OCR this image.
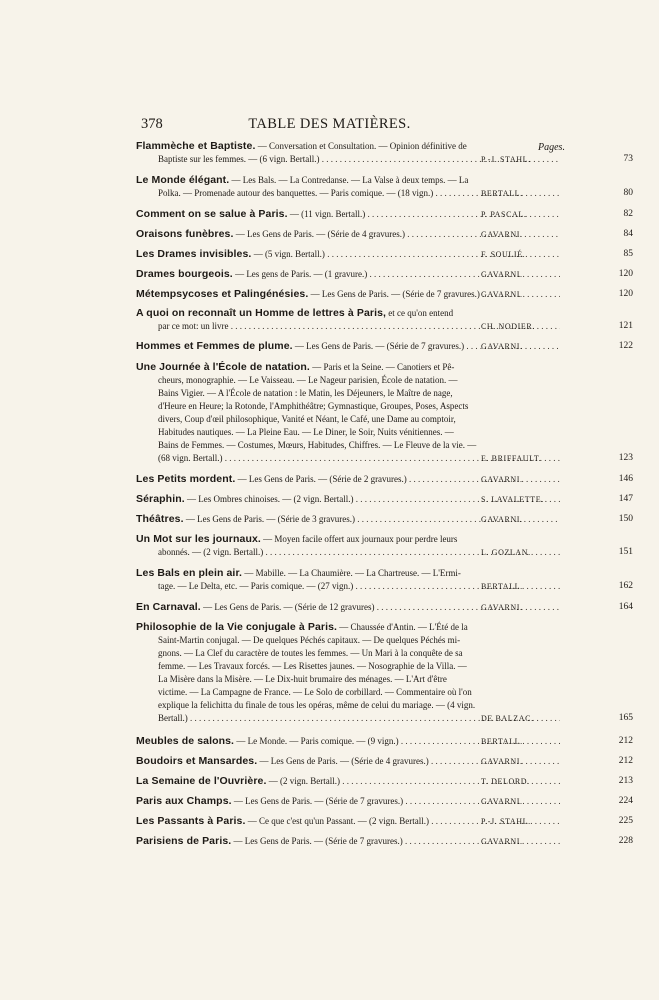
378	TABLE DES MATIÈRES.
Pages.
Flammèche et Baptiste. — Conversation et Consultation. — Opinion définitive de
Baptiste sur les femmes. — (6 vign. Bertall.) . . .	P.-J. STAHL.	73
Le Monde élégant. — Les Bals. — La Contredanse. — La Valse à deux temps. — La
Polka. — Promenade autour des banquettes. — Paris comique. — (18 vign.) . . .	BERTALL.	80
Comment on se salue à Paris. — (11 vign. Bertall.) . . .	P. PASCAL.	82
Oraisons funèbres. — Les Gens de Paris. — (Série de 4 gravures.) . . .	GAVARNI.	84
Les Drames invisibles. — (5 vign. Bertall.) . . .	F. SOULIÉ.	85
Drames bourgeois. — Les gens de Paris. — (1 gravure.) . . .	GAVARNI.	120
Métempsycoses et Palingénésies. — Les Gens de Paris. — (Série de 7 gravures.) . . . GAVARNI.	120
A quoi on reconnaît un Homme de lettres à Paris, et ce qu'on entend
par ce mot: un livre . . .	CH. NODIER.	121
Hommes et Femmes de plume. — Les Gens de Paris. — (Série de 7 gravures.) . . .	GAVARNI.	122
Une Journée à l'École de natation. — Paris et la Seine. — Canotiers et Pê-
cheurs, monographie. — Le Vaisseau. — Le Nageur parisien, École de natation. —
Bains Vigier. — A l'École de natation : le Matin, les Déjeuners, le Maître de nage,
d'Heure en Heure; la Rotonde, l'Amphithéâtre; Gymnastique, Groupes, Poses, Aspects
divers, Coup d'œil philosophique, Vanité et Néant, le Café, une Dame au comptoir,
Habitudes nautiques. — La Pleine Eau. — Le Diner, le Soir, Nuits vénitiennes. —
Bains de Femmes. — Costumes, Mœurs, Habitudes, Chiffres. — Le Fleuve de la vie. —
(68 vign. Bertall.) . . .	E. BRIFFAULT.	123
Les Petits mordent. — Les Gens de Paris. — (Série de 2 gravures.) . . .	GAVARNI.	146
Séraphin. — Les Ombres chinoises. — (2 vign. Bertall.) . . .	S. LAVALETTE.	147
Théâtres. — Les Gens de Paris. — (Série de 3 gravures.) . . .	GAVARNI.	150
Un Mot sur les journaux. — Moyen facile offert aux journaux pour perdre leurs
abonnés. — (2 vign. Bertall.) . . .	L. GOZLAN.	151
Les Bals en plein air. — Mabille. — La Chaumière. — La Chartreuse. — L'Ermi-
tage. — Le Delta, etc. — Paris comique. — (27 vign.) . . .	BERTALL.	162
En Carnaval. — Les Gens de Paris. — (Série de 12 gravures) . . .	GAVARNI.	164
Philosophie de la Vie conjugale à Paris. — Chaussée d'Antin. — L'Été de la
Saint-Martin conjugal. — De quelques Péchés capitaux. — De quelques Péchés mi-
gnons. — La Clef du caractère de toutes les femmes. — Un Mari à la conquête de sa
femme. — Les Travaux forcés. — Les Risettes jaunes. — Nosographie de la Villa. —
La Misère dans la Misère. — Le Dix-huit brumaire des ménages. — L'Art d'être
victime. — La Campagne de France. — Le Solo de corbillard. — Commentaire où l'on
explique la felichitta du finale de tous les opéras, même de celui du mariage. — (4 vign.
Bertall.) . . .	DE BALZAC.	165
Meubles de salons. — Le Monde. — Paris comique. — (9 vign.) . . .	BERTALL.	212
Boudoirs et Mansardes. — Les Gens de Paris. — (Série de 4 gravures.) . . .	GAVARNI.	212
La Semaine de l'Ouvrière. — (2 vign. Bertall.) . . .	T. DELORD.	213
Paris aux Champs. — Les Gens de Paris. — (Série de 7 gravures.) . . .	GAVARNI.	224
Les Passants à Paris. — Ce que c'est qu'un Passant. — (2 vign. Bertall.) . . .	P.-J. STAHL.	225
Parisiens de Paris. — Les Gens de Paris. — (Série de 7 gravures.) . . .	GAVARNI.	228
